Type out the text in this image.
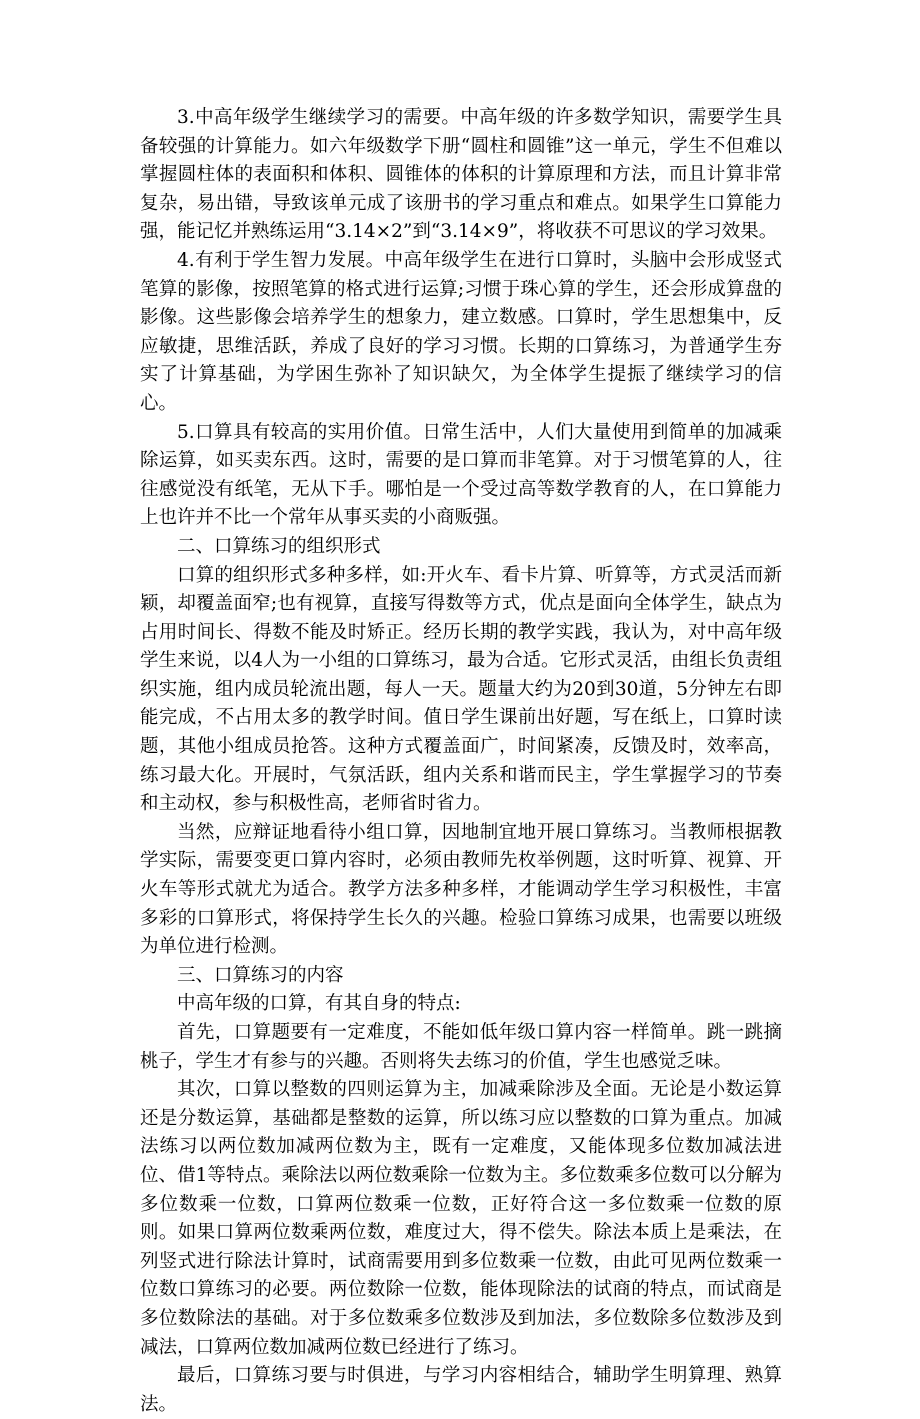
3.中高年级学生继续学习的需要。中高年级的许多数学知识，需要学生具备较强的计算能力。如六年级数学下册“圆柱和圆锥”这一单元，学生不但难以掌握圆柱体的表面积和体积、圆锥体的体积的计算原理和方法，而且计算非常复杂，易出错，导致该单元成了该册书的学习重点和难点。如果学生口算能力强，能记忆并熟练运用“3.14×2”到“3.14×9”，将收获不可思议的学习效果。

4.有利于学生智力发展。中高年级学生在进行口算时，头脑中会形成竖式笔算的影像，按照笔算的格式进行运算;习惯于珠心算的学生，还会形成算盘的影像。这些影像会培养学生的想象力，建立数感。口算时，学生思想集中，反应敏捷，思维活跃，养成了良好的学习习惯。长期的口算练习，为普通学生夯实了计算基础，为学困生弥补了知识缺欠，为全体学生提振了继续学习的信心。

5.口算具有较高的实用价值。日常生活中，人们大量使用到简单的加减乘除运算，如买卖东西。这时，需要的是口算而非笔算。对于习惯笔算的人，往往感觉没有纸笔，无从下手。哪怕是一个受过高等数学教育的人，在口算能力上也许并不比一个常年从事买卖的小商贩强。

二、口算练习的组织形式

口算的组织形式多种多样，如:开火车、看卡片算、听算等，方式灵活而新颖，却覆盖面窄;也有视算，直接写得数等方式，优点是面向全体学生，缺点为占用时间长、得数不能及时矫正。经历长期的教学实践，我认为，对中高年级学生来说，以4人为一小组的口算练习，最为合适。它形式灵活，由组长负责组织实施，组内成员轮流出题，每人一天。题量大约为20到30道，5分钟左右即能完成，不占用太多的教学时间。值日学生课前出好题，写在纸上，口算时读题，其他小组成员抢答。这种方式覆盖面广，时间紧凑，反馈及时，效率高，练习最大化。开展时，气氛活跃，组内关系和谐而民主，学生掌握学习的节奏和主动权，参与积极性高，老师省时省力。

当然，应辩证地看待小组口算，因地制宜地开展口算练习。当教师根据教学实际，需要变更口算内容时，必须由教师先枚举例题，这时听算、视算、开火车等形式就尤为适合。教学方法多种多样，才能调动学生学习积极性，丰富多彩的口算形式，将保持学生长久的兴趣。检验口算练习成果，也需要以班级为单位进行检测。

三、口算练习的内容

中高年级的口算，有其自身的特点:

首先，口算题要有一定难度，不能如低年级口算内容一样简单。跳一跳摘桃子，学生才有参与的兴趣。否则将失去练习的价值，学生也感觉乏味。

其次，口算以整数的四则运算为主，加减乘除涉及全面。无论是小数运算还是分数运算，基础都是整数的运算，所以练习应以整数的口算为重点。加减法练习以两位数加减两位数为主，既有一定难度，又能体现多位数加减法进位、借1等特点。乘除法以两位数乘除一位数为主。多位数乘多位数可以分解为多位数乘一位数，口算两位数乘一位数，正好符合这一多位数乘一位数的原则。如果口算两位数乘两位数，难度过大，得不偿失。除法本质上是乘法，在列竖式进行除法计算时，试商需要用到多位数乘一位数，由此可见两位数乘一位数口算练习的必要。两位数除一位数，能体现除法的试商的特点，而试商是多位数除法的基础。对于多位数乘多位数涉及到加法，多位数除多位数涉及到减法，口算两位数加减两位数已经进行了练习。

最后，口算练习要与时俱进，与学习内容相结合，辅助学生明算理、熟算法。
